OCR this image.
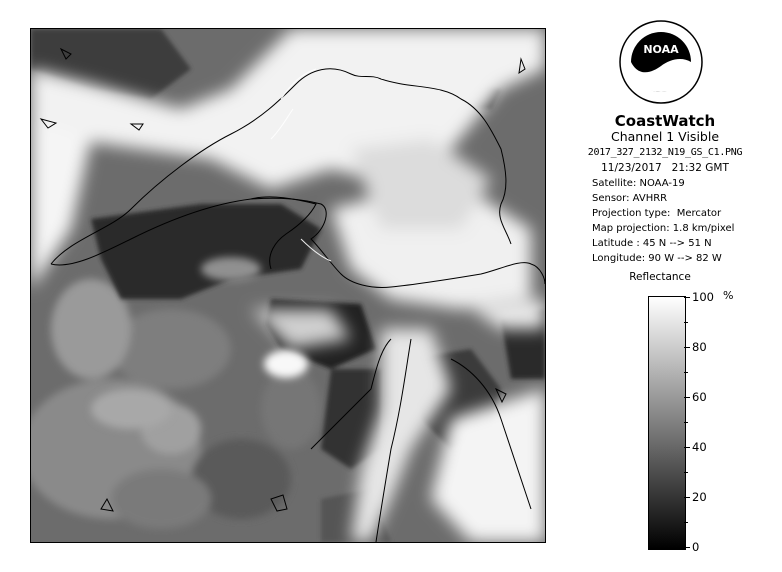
NOAA
CoastWatch
Channel 1 Visible
2017_327_2132_N19_GS_C1.PNG
11/23/2017   21:32 GMT
Satellite: NOAA-19
Sensor: AVHRR
Projection type:  Mercator
Map projection: 1.8 km/pixel
Latitude : 45 N --> 51 N
Longitude: 90 W --> 82 W
Reflectance
%
100
80
60
40
20
0
